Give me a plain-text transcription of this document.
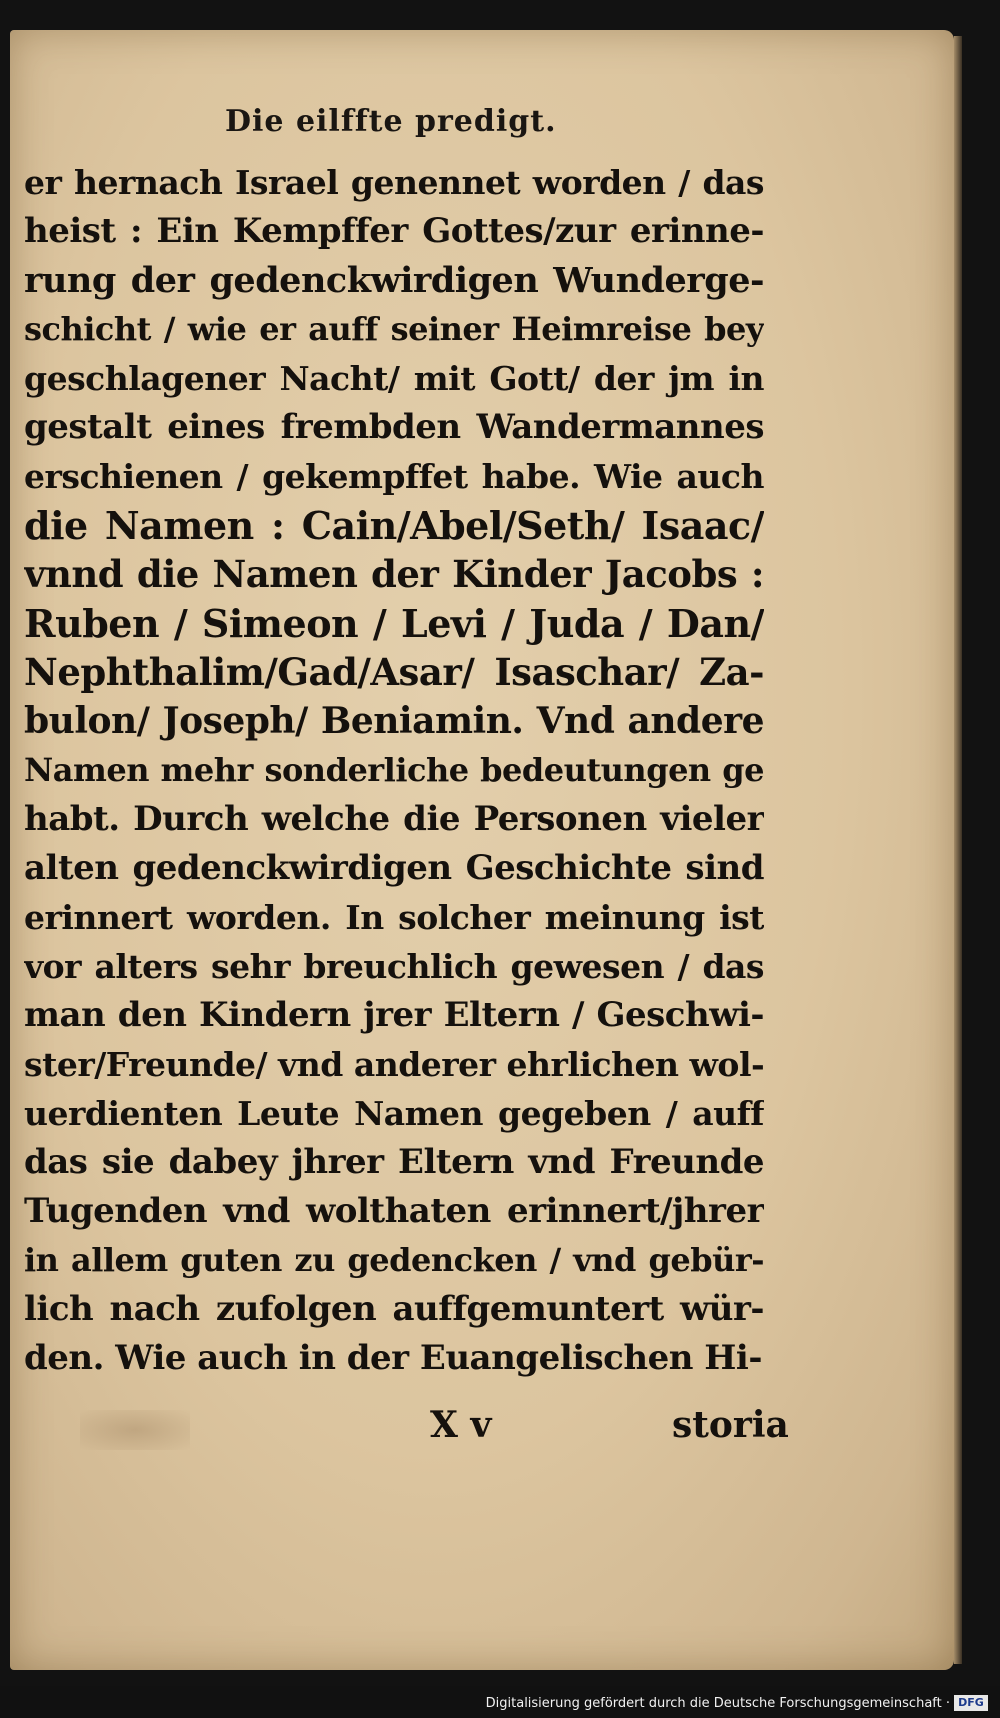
Die eilffte predigt.
er hernach Israel genennet worden / das
heist : Ein Kempffer Gottes/zur erinne-
rung der gedenckwirdigen Wunderge-
schicht / wie er auff seiner Heimreise bey
geschlagener Nacht/ mit Gott/ der jm in
gestalt eines frembden Wandermannes
erschienen / gekempffet habe. Wie auch
die Namen : Cain/Abel/Seth/ Isaac/
vnnd die Namen der Kinder Jacobs :
Ruben / Simeon / Levi / Juda / Dan/
Nephthalim/Gad/Asar/ Isaschar/ Za-
bulon/ Joseph/ Beniamin. Vnd andere
Namen mehr sonderliche bedeutungen ge
habt. Durch welche die Personen vieler
alten gedenckwirdigen Geschichte sind
erinnert worden. In solcher meinung ist
vor alters sehr breuchlich gewesen / das
man den Kindern jrer Eltern / Geschwi-
ster/Freunde/ vnd anderer ehrlichen wol-
uerdienten Leute Namen gegeben / auff
das sie dabey jhrer Eltern vnd Freunde
Tugenden vnd wolthaten erinnert/jhrer
in allem guten zu gedencken / vnd gebür-
lich nach zufolgen auffgemuntert wür-
den. Wie auch in der Euangelischen Hi-
X v	storia
Digitalisierung gefördert durch die Deutsche Forschungsgemeinschaft · DFG
